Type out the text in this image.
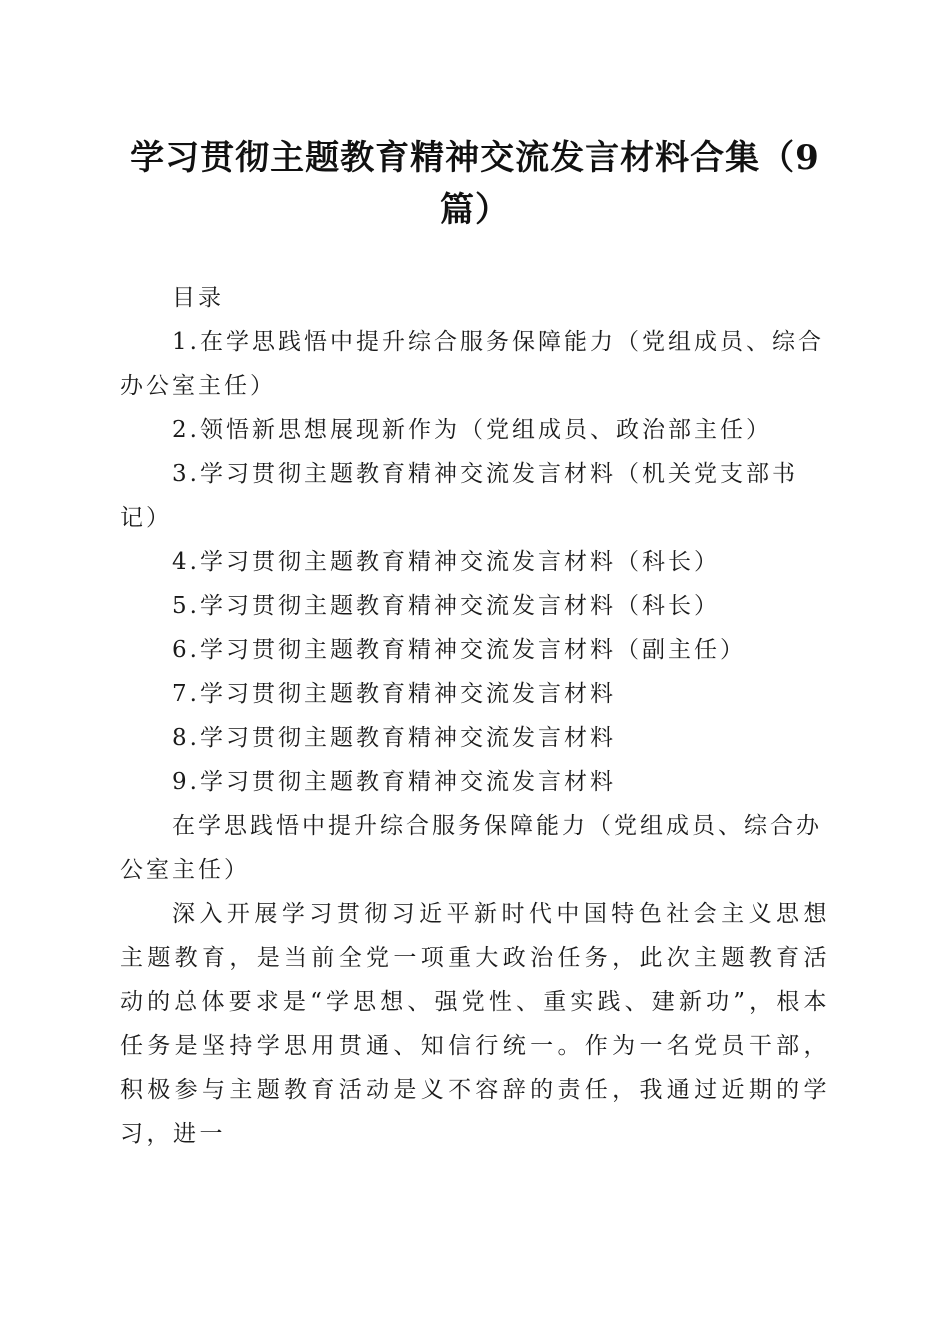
学习贯彻主题教育精神交流发言材料合集（9篇）

目录

1.在学思践悟中提升综合服务保障能力（党组成员、综合办公室主任）
2.领悟新思想展现新作为（党组成员、政治部主任）
3.学习贯彻主题教育精神交流发言材料（机关党支部书记）
4.学习贯彻主题教育精神交流发言材料（科长）
5.学习贯彻主题教育精神交流发言材料（科长）
6.学习贯彻主题教育精神交流发言材料（副主任）
7.学习贯彻主题教育精神交流发言材料
8.学习贯彻主题教育精神交流发言材料
9.学习贯彻主题教育精神交流发言材料

在学思践悟中提升综合服务保障能力（党组成员、综合办公室主任）

深入开展学习贯彻习近平新时代中国特色社会主义思想主题教育，是当前全党一项重大政治任务，此次主题教育活动的总体要求是“学思想、强党性、重实践、建新功”，根本任务是坚持学思用贯通、知信行统一。作为一名党员干部，积极参与主题教育活动是义不容辞的责任，我通过近期的学习，进一
